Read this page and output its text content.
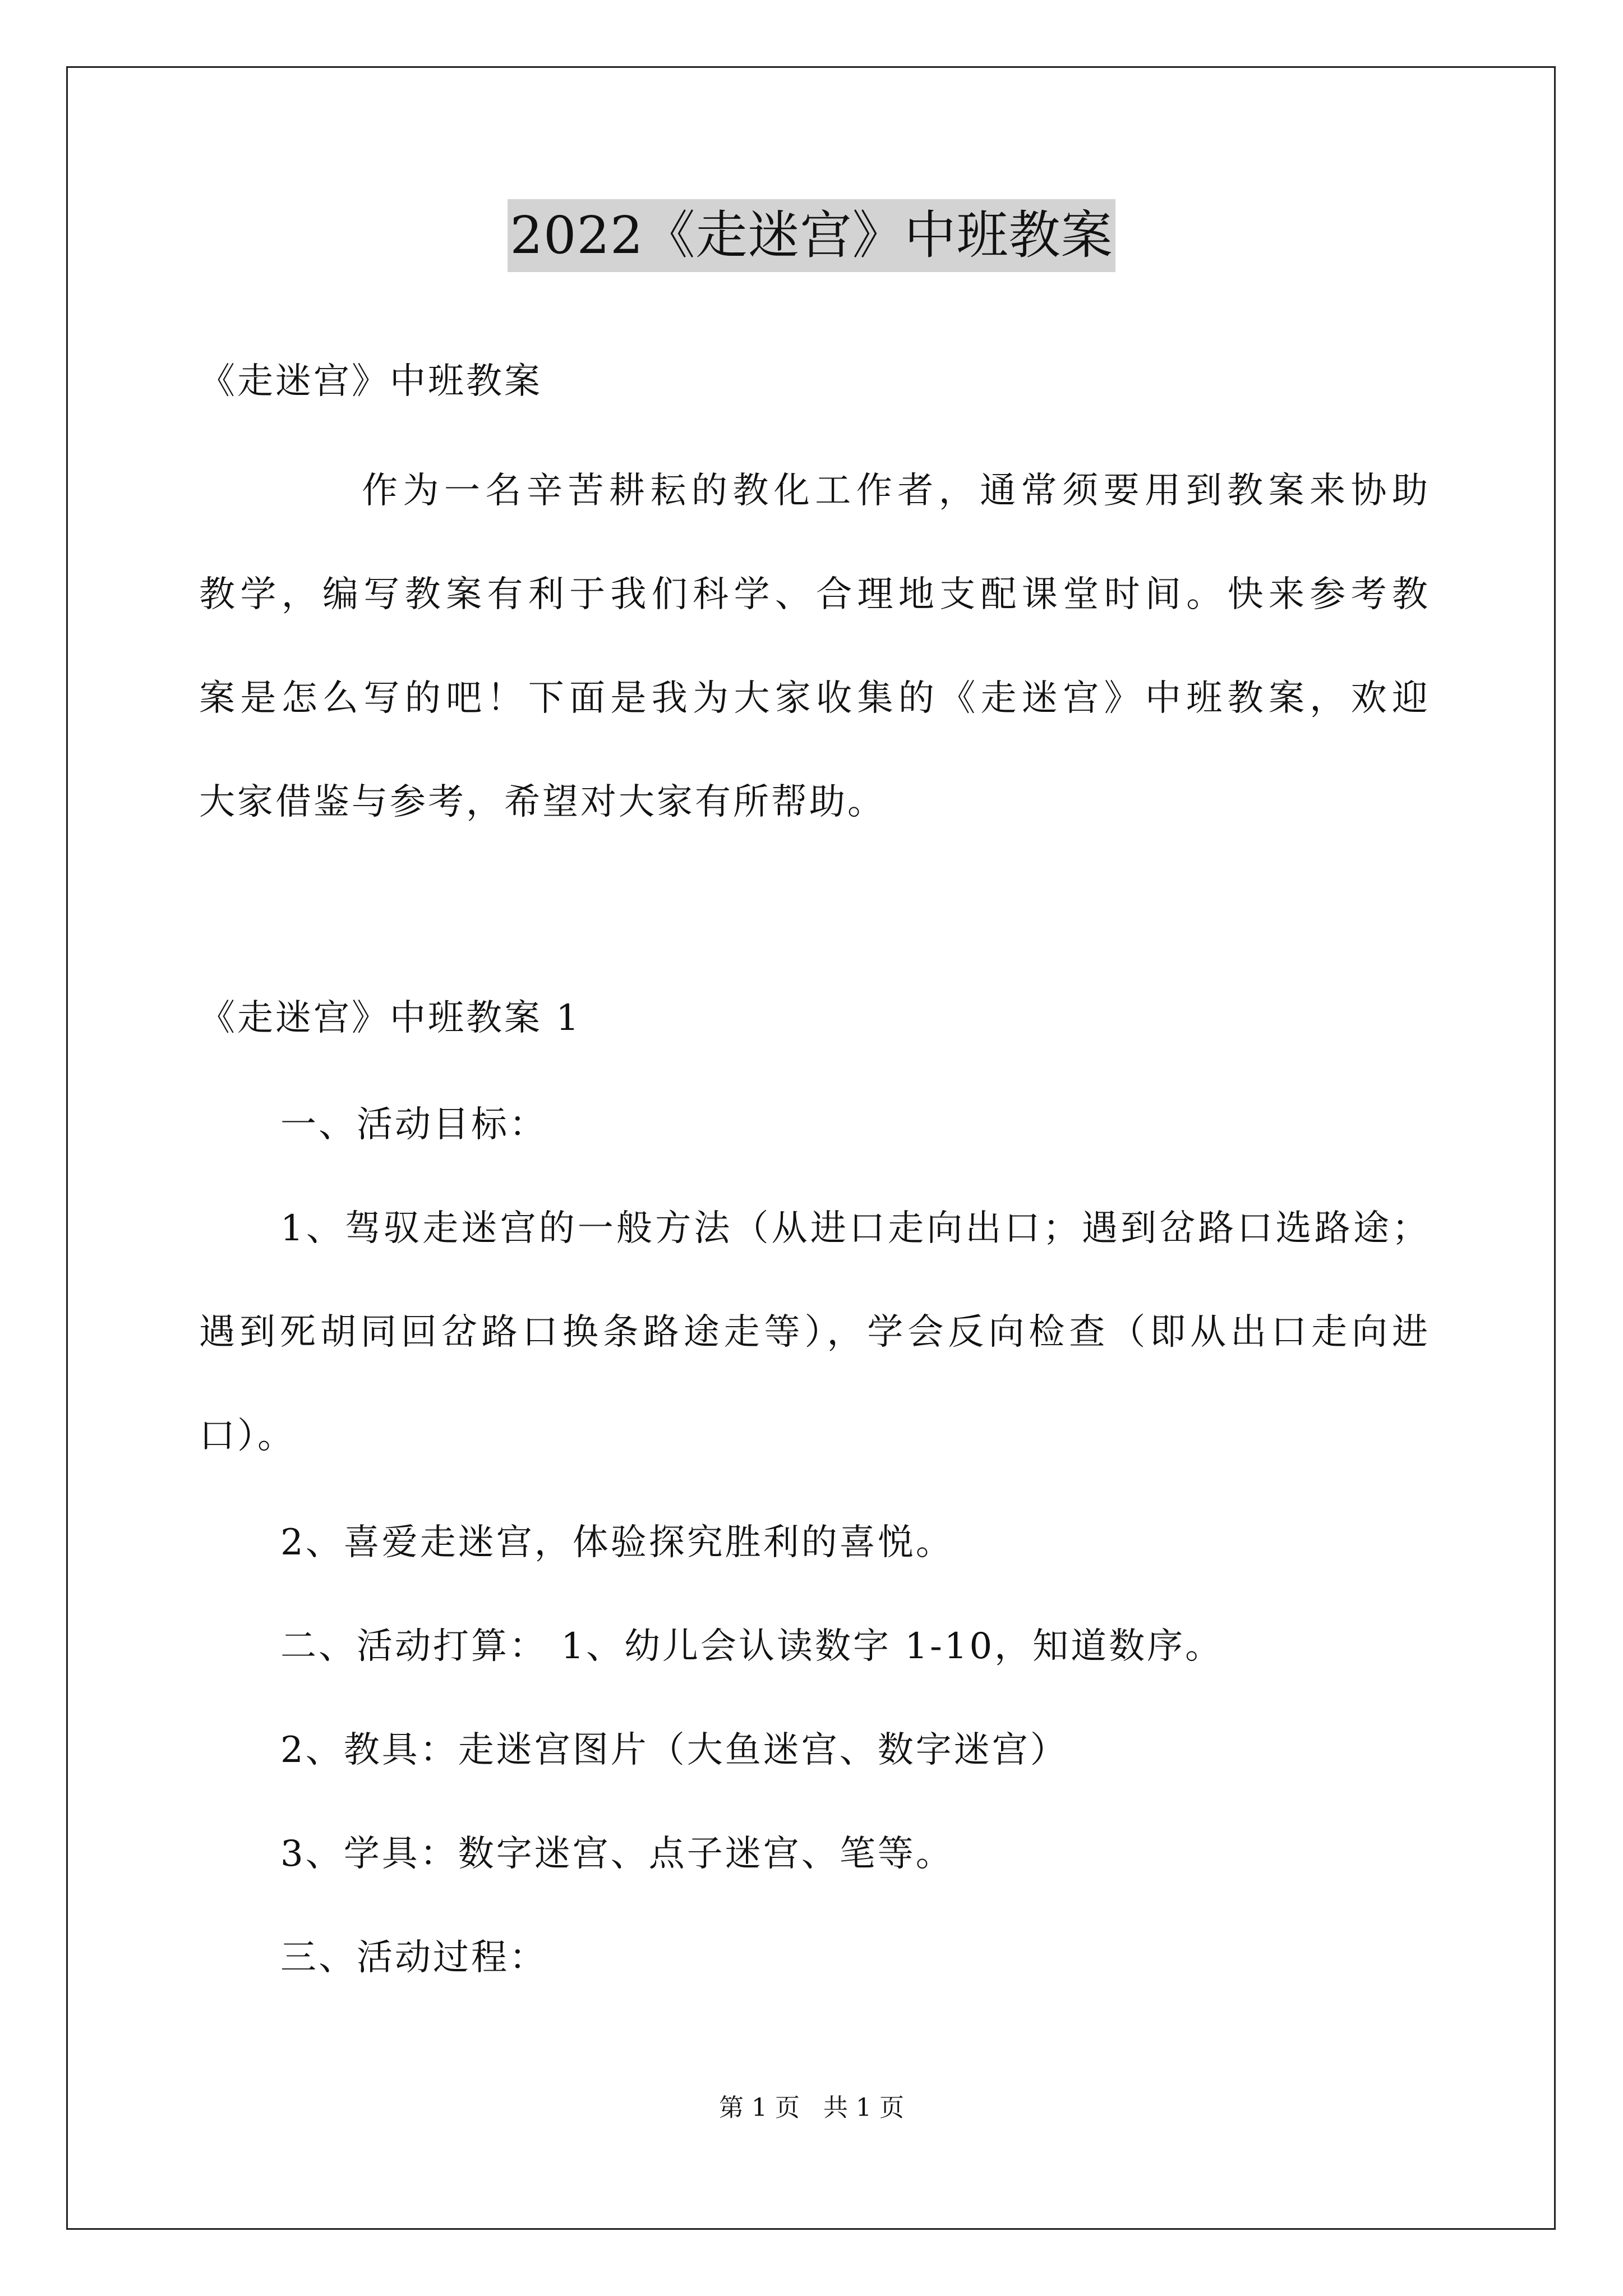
2022《走迷宫》中班教案
《走迷宫》中班教案
作为一名辛苦耕耘的教化工作者，通常须要用到教案来协助
教学，编写教案有利于我们科学、合理地支配课堂时间。快来参考教
案是怎么写的吧！下面是我为大家收集的《走迷宫》中班教案，欢迎
大家借鉴与参考，希望对大家有所帮助。
《走迷宫》中班教案 1
一、活动目标：
1、驾驭走迷宫的一般方法（从进口走向出口；遇到岔路口选路途；
遇到死胡同回岔路口换条路途走等），学会反向检查（即从出口走向进
口）。
2、喜爱走迷宫，体验探究胜利的喜悦。
二、活动打算： 1、幼儿会认读数字 1-10，知道数序。
2、教具：走迷宫图片（大鱼迷宫、数字迷宫）
3、学具：数字迷宫、点子迷宫、笔等。
三、活动过程：
第 1 页   共 1 页
